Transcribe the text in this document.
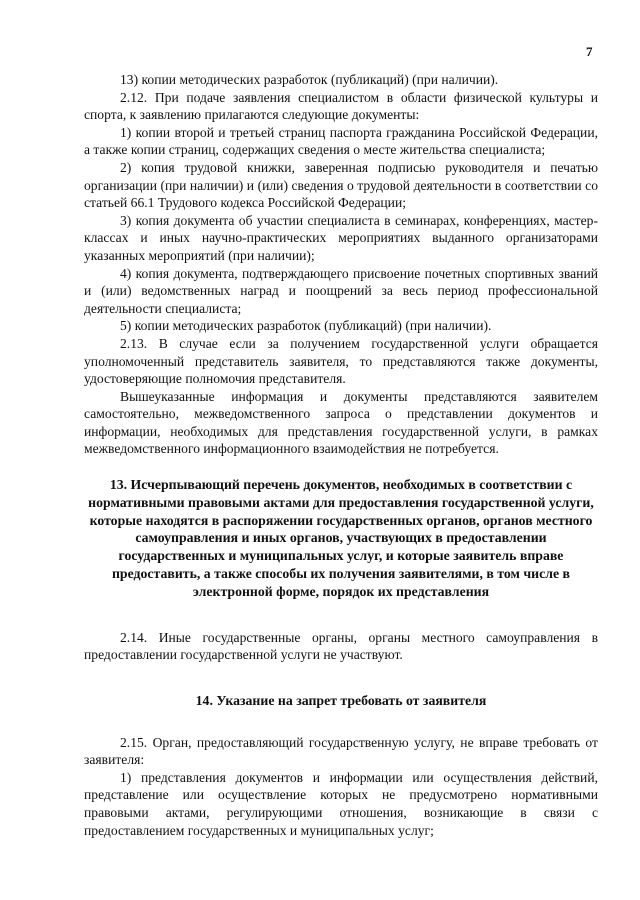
7

13) копии методических разработок (публикаций) (при наличии).

2.12. При подаче заявления специалистом в области физической культуры и спорта, к заявлению прилагаются следующие документы:

1) копии второй и третьей страниц паспорта гражданина Российской Федерации, а также копии страниц, содержащих сведения о месте жительства специалиста;

2) копия трудовой книжки, заверенная подписью руководителя и печатью организации (при наличии) и (или) сведения о трудовой деятельности в соответствии со статьей 66.1 Трудового кодекса Российской Федерации;

3) копия документа об участии специалиста в семинарах, конференциях, мастер-классах и иных научно-практических мероприятиях выданного организаторами указанных мероприятий (при наличии);

4) копия документа, подтверждающего присвоение почетных спортивных званий и (или) ведомственных наград и поощрений за весь период профессиональной деятельности специалиста;

5) копии методических разработок (публикаций) (при наличии).

2.13. В случае если за получением государственной услуги обращается уполномоченный представитель заявителя, то представляются также документы, удостоверяющие полномочия представителя.

Вышеуказанные информация и документы представляются заявителем самостоятельно, межведомственного запроса о представлении документов и информации, необходимых для представления государственной услуги, в рамках межведомственного информационного взаимодействия не потребуется.

13. Исчерпывающий перечень документов, необходимых в соответствии с нормативными правовыми актами для предоставления государственной услуги, которые находятся в распоряжении государственных органов, органов местного самоуправления и иных органов, участвующих в предоставлении государственных и муниципальных услуг, и которые заявитель вправе предоставить, а также способы их получения заявителями, в том числе в электронной форме, порядок их представления

2.14. Иные государственные органы, органы местного самоуправления в предоставлении государственной услуги не участвуют.

14. Указание на запрет требовать от заявителя

2.15. Орган, предоставляющий государственную услугу, не вправе требовать от заявителя:

1) представления документов и информации или осуществления действий, представление или осуществление которых не предусмотрено нормативными правовыми актами, регулирующими отношения, возникающие в связи с предоставлением государственных и муниципальных услуг;
